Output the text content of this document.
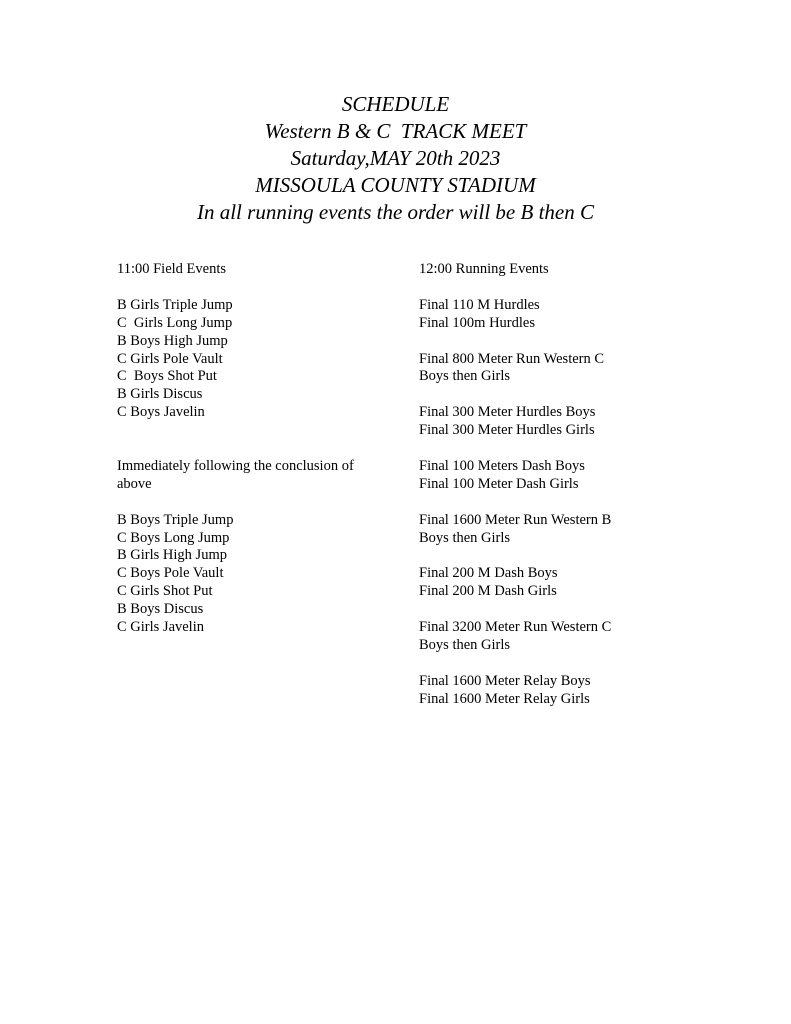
SCHEDULE
Western B & C  TRACK MEET
Saturday,MAY 20th 2023
MISSOULA COUNTY STADIUM
In all running events the order will be B then C
11:00 Field Events
B Girls Triple Jump
C  Girls Long Jump
B Boys High Jump
C Girls Pole Vault
C  Boys Shot Put
B Girls Discus
C Boys Javelin
Immediately following the conclusion of
above
B Boys Triple Jump
C Boys Long Jump
B Girls High Jump
C Boys Pole Vault
C Girls Shot Put
B Boys Discus
C Girls Javelin
12:00 Running Events
Final 110 M Hurdles
Final 100m Hurdles
Final 800 Meter Run Western C
Boys then Girls
Final 300 Meter Hurdles Boys
Final 300 Meter Hurdles Girls
Final 100 Meters Dash Boys
Final 100 Meter Dash Girls
Final 1600 Meter Run Western B
Boys then Girls
Final 200 M Dash Boys
Final 200 M Dash Girls
Final 3200 Meter Run Western C
Boys then Girls
Final 1600 Meter Relay Boys
Final 1600 Meter Relay Girls
